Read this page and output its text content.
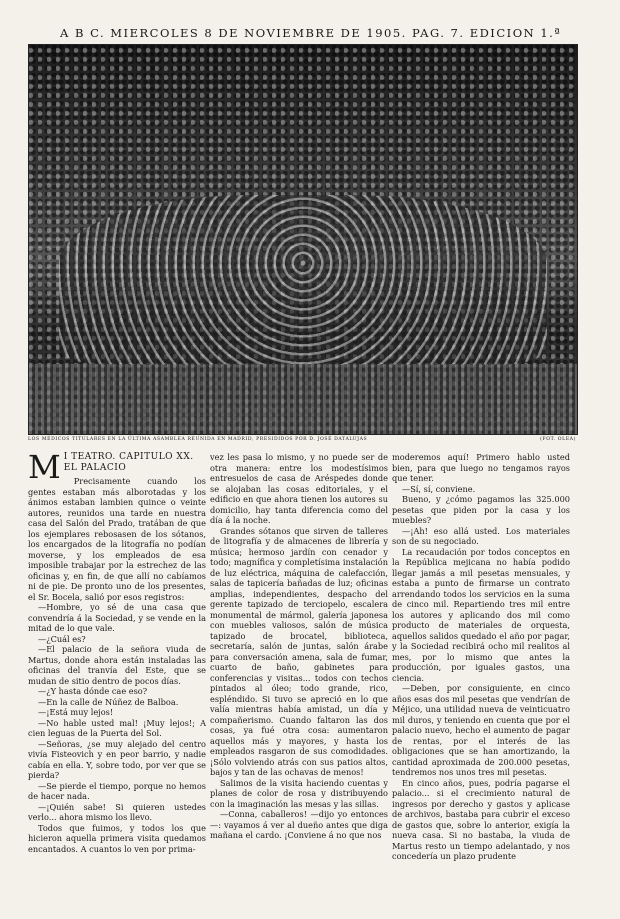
A B C. MIERCOLES 8 DE NOVIEMBRE DE 1905. PAG. 7. EDICION 1.ª
LOS MÉDICOS TITULARES EN LA ÚLTIMA ASAMBLEA REUNIDA EN MADRID, PRESIDIDOS POR D. JOSÉ DATALUJAS	(FOT. OLEA)
M I TEATRO. CAPÍTULO XX.
EL PALACIO

Precisamente cuando los gentes estaban más alborotadas y los ánimos estaban lambien quince o veinte autores, reunidos una tarde en nuestra casa del Salón del Prado, tratában de que los ejemplares rebosasen de los sótanos, los encargados de la litografía no podían moverse, y los empleados de esa imposible trabajar por la estrechez de las oficinas y, en fin, de que allí no cabíamos ni de pie. De pronto uno de los presentes, el Sr. Bocela, salió por esos registros:

—Hombre, yo sé de una casa que convendría á la Sociedad, y se vende en la mitad de lo que vale.

—¿Cuál es?

—El palacio de la señora viuda de Martus, donde ahora están instaladas las oficinas del tranvía del Este, que se mudan de sitio dentro de pocos días.

—¿Y hasta dónde cae eso?

—En la calle de Núñez de Balboa.

—¡Está muy lejos!

—No hable usted mal! ¡Muy lejos!; A cien leguas de la Puerta del Sol.

—Señoras, ¿se muy alejado del centro vivía Fisteovich y en peor barrio, y nadie cabía en ella. Y, sobre todo, por ver que se pierda?

—Se pierde el tiempo, porque no hemos de hacer nada.

—¡Quién sabe! Si quieren ustedes verlo... ahora mismo los llevo.

Todos que fuimos, y todos los que hicieron aquella primera visita quedamos encantados. A cuantos lo ven por prima-

vez les pasa lo mismo, y no puede ser de otra manera: entre los modestísimos entresuelos de casa de Aréspedes donde se alojaban las cosas editoriales, y el edificio en que ahora tienen los autores su domicilio, hay tanta diferencia como del día á la noche.

Grandes sótanos que sirven de talleres de litografía y de almacenes de librería y música; hermoso jardín con cenador y todo; magnífica y completísima instalación de luz eléctrica, máquina de calefacción, salas de tapicería bañadas de luz; oficinas amplias, independientes, despacho del gerente tapizado de terciopelo, escalera monumental de mármol, galería japonesa con muebles valiosos, salón de música tapizado de brocatel, biblioteca, secretaría, salón de juntas, salón árabe para conversación amena, sala de fumar, cuarto de baño, gabinetes para conferencias y visitas... todos con techos pintados al óleo; todo grande, rico, espléndido. Si tuvo se apreció en lo que valía mientras había amistad, un día y compañerismo. Cuando faltaron las dos cosas, ya fué otra cosa: aumentaron aquellos más y mayores, y hasta los empleados rasgaron de sus comodidades. ¡Sólo volviendo atrás con sus patios altos, bajos y tan de las ochavas de menos!

Salimos de la visita haciendo cuentas y planes de color de rosa y distribuyendo con la imaginación las mesas y las sillas.

—Conna, caballeros! —dijo yo entonces—: vayamos á ver al dueño antes que diga mañana el cardo. ¡Conviene á no que nos

moderemos aquí! Primero hablo usted bien, para que luego no tengamos rayos que tener.

—Sí, sí, conviene.

Bueno, y ¿cómo pagamos las 325.000 pesetas que piden por la casa y los muebles?

—¡Ah! eso allá usted. Los materiales son de su negociado.

La recaudación por todos conceptos en la República mejicana no había podido llegar jamás a mil pesetas mensuales, y estaba a punto de firmarse un contrato arrendando todos los servicios en la suma de cinco mil. Repartiendo tres mil entre los autores y aplicando dos mil como producto de materiales de orquesta, aquellos salidos quedado el año por pagar, y la Sociedad recibirá ocho mil realitos al mes, por lo mismo que antes la producción, por iguales gastos, una ciencia.

—Deben, por consiguiente, en cinco años esas dos mil pesetas que vendrían de Méjico, una utilidad nueva de veinticuatro mil duros, y teniendo en cuenta que por el palacio nuevo, hecho el aumento de pagar de rentas, por el interés de las obligaciones que se han amortizando, la cantidad aproximada de 200.000 pesetas, tendremos nos unos tres mil pesetas.

En cinco años, pues, podría pagarse el palacio... si el crecimiento natural de ingresos por derecho y gastos y aplicase de archivos, bastaba para cubrir el exceso de gastos que, sobre lo anterior, exigía la nueva casa. Si no bastaba, la viuda de Martus resto un tiempo adelantado, y nos concedería un plazo prudente
